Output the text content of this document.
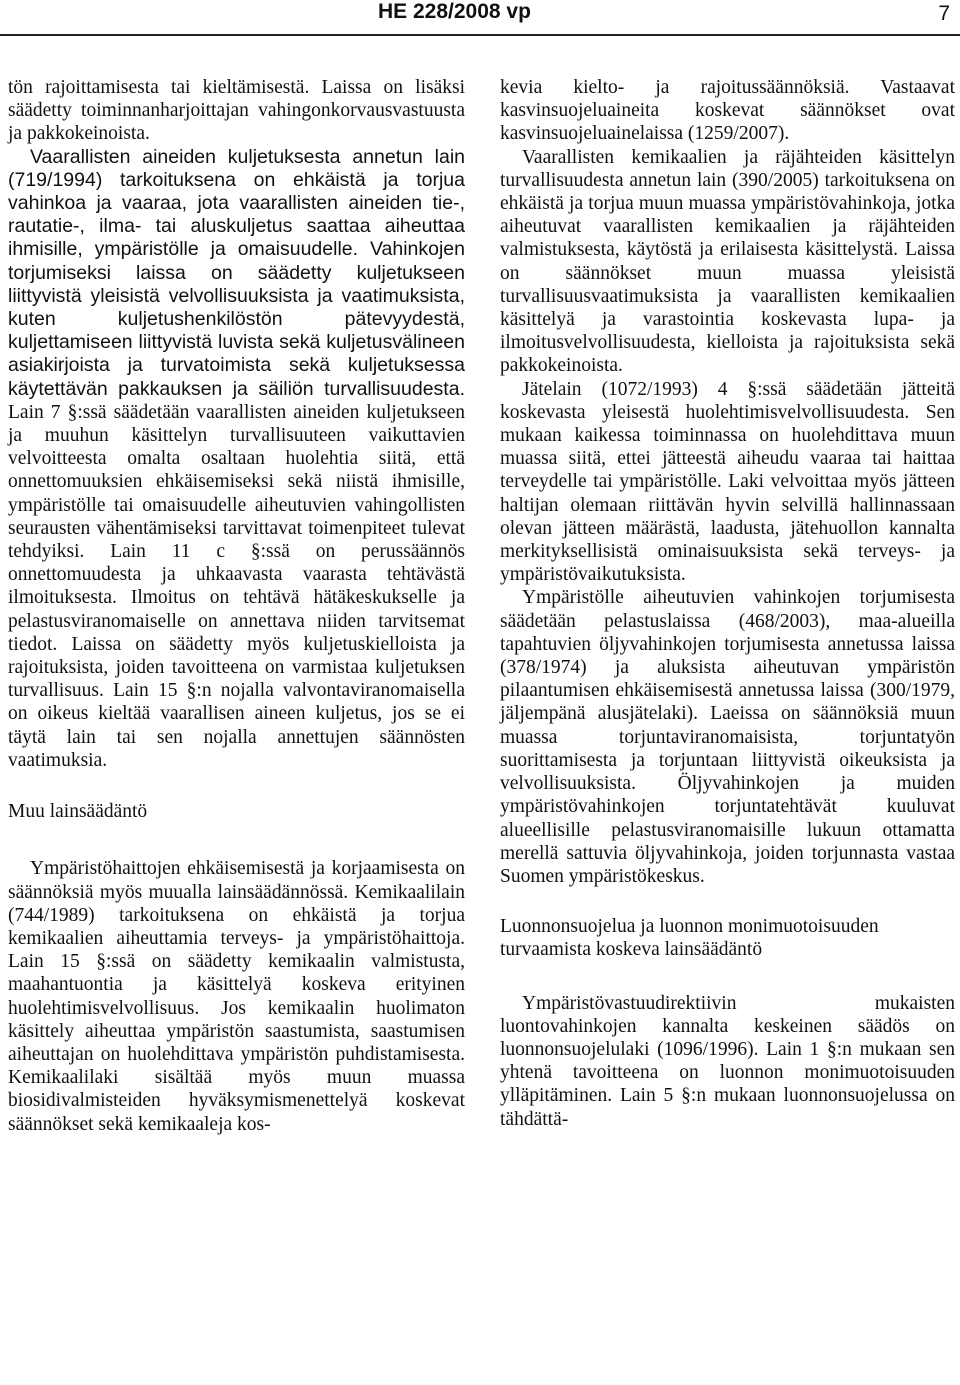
HE 228/2008 vp	7

tön rajoittamisesta tai kieltämisestä. Laissa on lisäksi säädetty toiminnanharjoittajan vahingonkorvausvastuusta ja pakkokeinoista.

Vaarallisten aineiden kuljetuksesta annetun lain (719/1994) tarkoituksena on ehkäistä ja torjua vahinkoa ja vaaraa, jota vaarallisten aineiden tie-, rautatie-, ilma- tai aluskuljetus saattaa aiheuttaa ihmisille, ympäristölle ja omaisuudelle. Vahinkojen torjumiseksi laissa on säädetty kuljetukseen liittyvistä yleisistä velvollisuuksista ja vaatimuksista, kuten kuljetushenkilöstön pätevyydestä, kuljettamiseen liittyvistä luvista sekä kuljetusvälineen asiakirjoista ja turvatoimista sekä kuljetuksessa käytettävän pakkauksen ja säiliön turvallisuudesta. Lain 7 §:ssä säädetään vaarallisten aineiden kuljetukseen ja muuhun käsittelyn turvallisuuteen vaikuttavien velvoitteesta omalta osaltaan huolehtia siitä, että onnettomuuksien ehkäisemiseksi sekä niistä ihmisille, ympäristölle tai omaisuudelle aiheutuvien vahingollisten seurausten vähentämiseksi tarvittavat toimenpiteet tulevat tehdyiksi. Lain 11 c §:ssä on perussäännös onnettomuudesta ja uhkaavasta vaarasta tehtävästä ilmoituksesta. Ilmoitus on tehtävä hätäkeskukselle ja pelastusviranomaiselle on annettava niiden tarvitsemat tiedot. Laissa on säädetty myös kuljetuskielloista ja rajoituksista, joiden tavoitteena on varmistaa kuljetuksen turvallisuus. Lain 15 §:n nojalla valvontaviranomaisella on oikeus kieltää vaarallisen aineen kuljetus, jos se ei täytä lain tai sen nojalla annettujen säännösten vaatimuksia.

Muu lainsäädäntö

Ympäristöhaittojen ehkäisemisestä ja korjaamisesta on säännöksiä myös muualla lainsäädännössä. Kemikaalilain (744/1989) tarkoituksena on ehkäistä ja torjua kemikaalien aiheuttamia terveys- ja ympäristöhaittoja. Lain 15 §:ssä on säädetty kemikaalin valmistusta, maahantuontia ja käsittelyä koskeva erityinen huolehtimisvelvollisuus. Jos kemikaalin huolimaton käsittely aiheuttaa ympäristön saastumista, saastumisen aiheuttajan on huolehdittava ympäristön puhdistamisesta. Kemikaalilaki sisältää myös muun muassa biosidivalmisteiden hyväksymismenettelyä koskevat säännökset sekä kemikaaleja kos-

kevia kielto- ja rajoitussäännöksiä. Vastaavat kasvinsuojeluaineita koskevat säännökset ovat kasvinsuojeluainelaissa (1259/2007).

Vaarallisten kemikaalien ja räjähteiden käsittelyn turvallisuudesta annetun lain (390/2005) tarkoituksena on ehkäistä ja torjua muun muassa ympäristövahinkoja, jotka aiheutuvat vaarallisten kemikaalien ja räjähteiden valmistuksesta, käytöstä ja erilaisesta käsittelystä. Laissa on säännökset muun muassa yleisistä turvallisuusvaatimuksista ja vaarallisten kemikaalien käsittelyä ja varastointia koskevasta lupa- ja ilmoitusvelvollisuudesta, kielloista ja rajoituksista sekä pakkokeinoista.

Jätelain (1072/1993) 4 §:ssä säädetään jätteitä koskevasta yleisestä huolehtimisvelvollisuudesta. Sen mukaan kaikessa toiminnassa on huolehdittava muun muassa siitä, ettei jätteestä aiheudu vaaraa tai haittaa terveydelle tai ympäristölle. Laki velvoittaa myös jätteen haltijan olemaan riittävän hyvin selvillä hallinnassaan olevan jätteen määrästä, laadusta, jätehuollon kannalta merkityksellisistä ominaisuuksista sekä terveys- ja ympäristövaikutuksista.

Ympäristölle aiheutuvien vahinkojen torjumisesta säädetään pelastuslaissa (468/2003), maa-alueilla tapahtuvien öljyvahinkojen torjumisesta annetussa laissa (378/1974) ja aluksista aiheutuvan ympäristön pilaantumisen ehkäisemisestä annetussa laissa (300/1979, jäljempänä alusjätelaki). Laeissa on säännöksiä muun muassa torjuntaviranomaisista, torjuntatyön suorittamisesta ja torjuntaan liittyvistä oikeuksista ja velvollisuuksista. Öljyvahinkojen ja muiden ympäristövahinkojen torjuntatehtävät kuuluvat alueellisille pelastusviranomaisille lukuun ottamatta merellä sattuvia öljyvahinkoja, joiden torjunnasta vastaa Suomen ympäristökeskus.

Luonnonsuojelua ja luonnon monimuotoisuuden turvaamista koskeva lainsäädäntö

Ympäristövastuudirektiivin mukaisten luontovahinkojen kannalta keskeinen säädös on luonnonsuojelulaki (1096/1996). Lain 1 §:n mukaan sen yhtenä tavoitteena on luonnon monimuotoisuuden ylläpitäminen. Lain 5 §:n mukaan luonnonsuojelussa on tähdättä-
